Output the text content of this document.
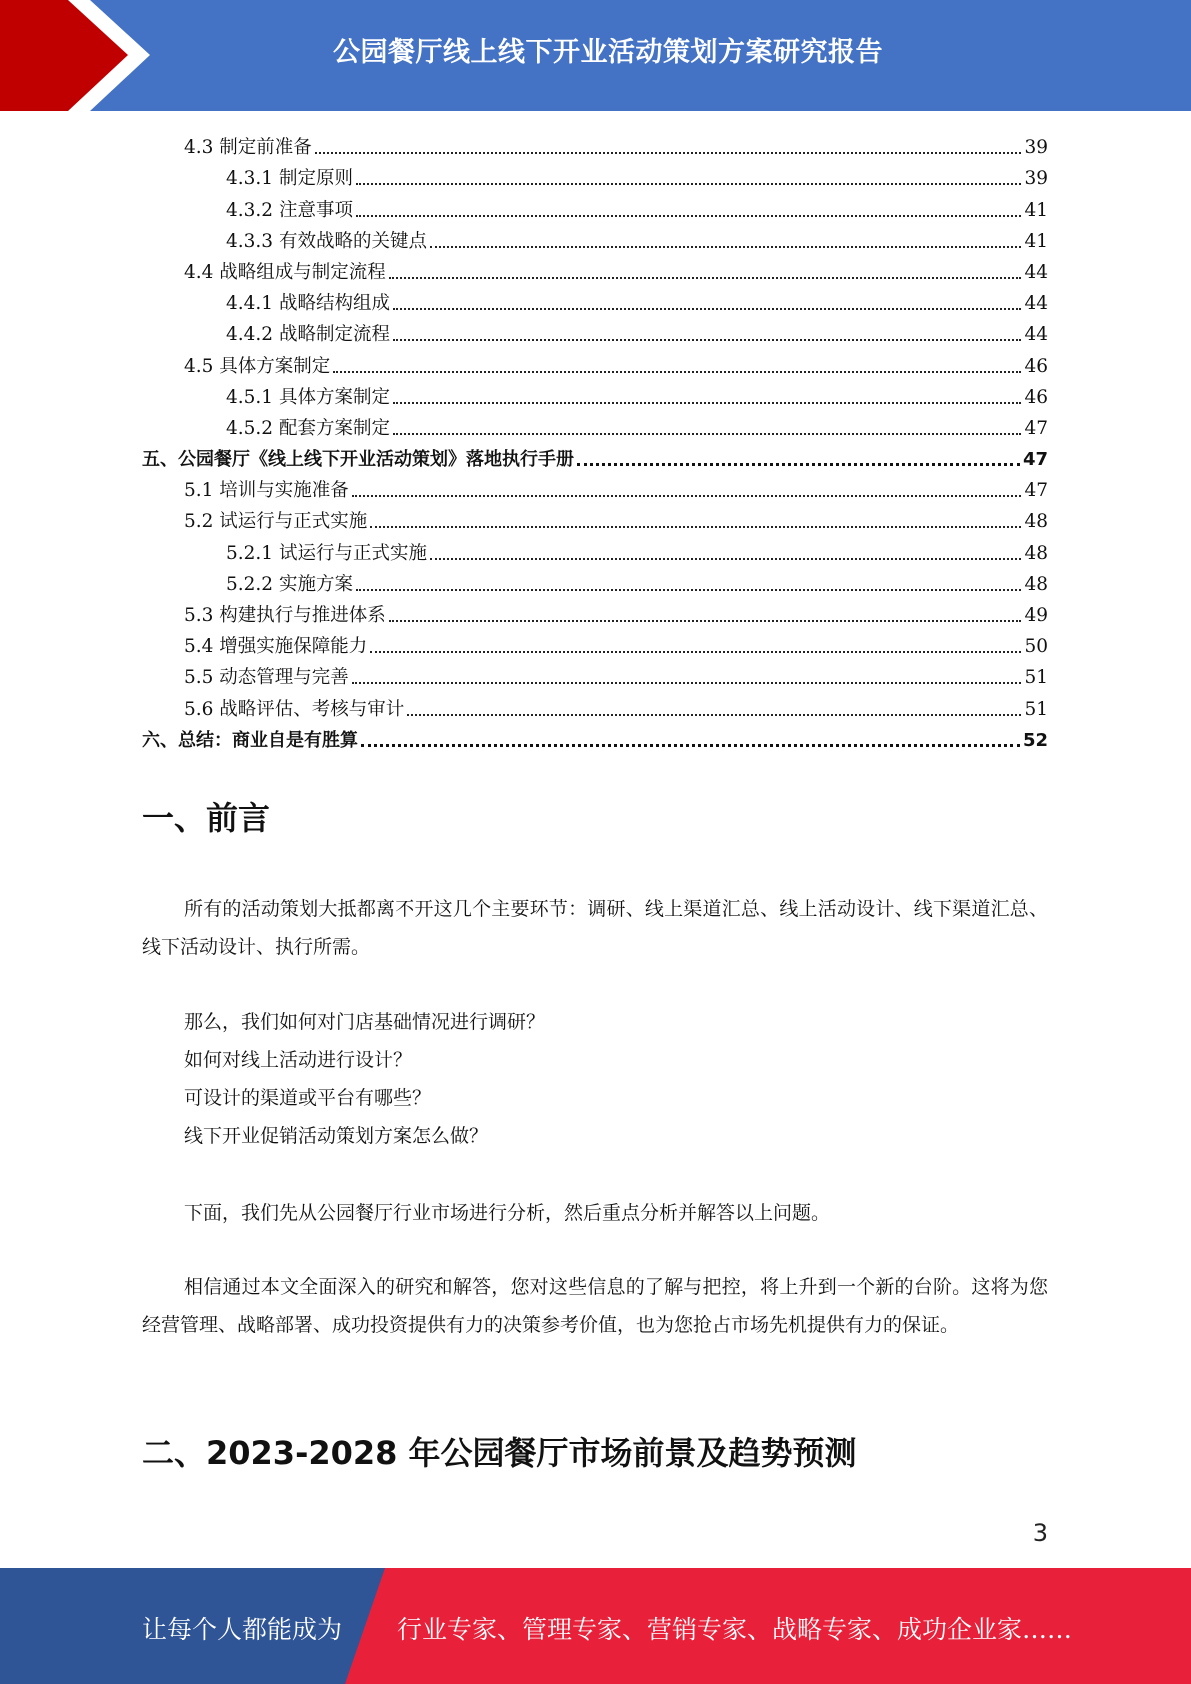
公园餐厅线上线下开业活动策划方案研究报告
4.3 制定前准备	39
4.3.1 制定原则	39
4.3.2 注意事项	41
4.3.3 有效战略的关键点	41
4.4 战略组成与制定流程	44
4.4.1 战略结构组成	44
4.4.2 战略制定流程	44
4.5 具体方案制定	46
4.5.1 具体方案制定	46
4.5.2 配套方案制定	47
五、公园餐厅《线上线下开业活动策划》落地执行手册	47
5.1 培训与实施准备	47
5.2 试运行与正式实施	48
5.2.1 试运行与正式实施	48
5.2.2 实施方案	48
5.3 构建执行与推进体系	49
5.4 增强实施保障能力	50
5.5 动态管理与完善	51
5.6 战略评估、考核与审计	51
六、总结：商业自是有胜算	52
一、前言
所有的活动策划大抵都离不开这几个主要环节：调研、线上渠道汇总、线上活动设计、线下渠道汇总、线下活动设计、执行所需。
那么，我们如何对门店基础情况进行调研？
如何对线上活动进行设计？
可设计的渠道或平台有哪些？
线下开业促销活动策划方案怎么做？
下面，我们先从公园餐厅行业市场进行分析，然后重点分析并解答以上问题。
相信通过本文全面深入的研究和解答，您对这些信息的了解与把控，将上升到一个新的台阶。这将为您经营管理、战略部署、成功投资提供有力的决策参考价值，也为您抢占市场先机提供有力的保证。
二、2023-2028 年公园餐厅市场前景及趋势预测
3
让每个人都能成为 行业专家、管理专家、营销专家、战略专家、成功企业家……
